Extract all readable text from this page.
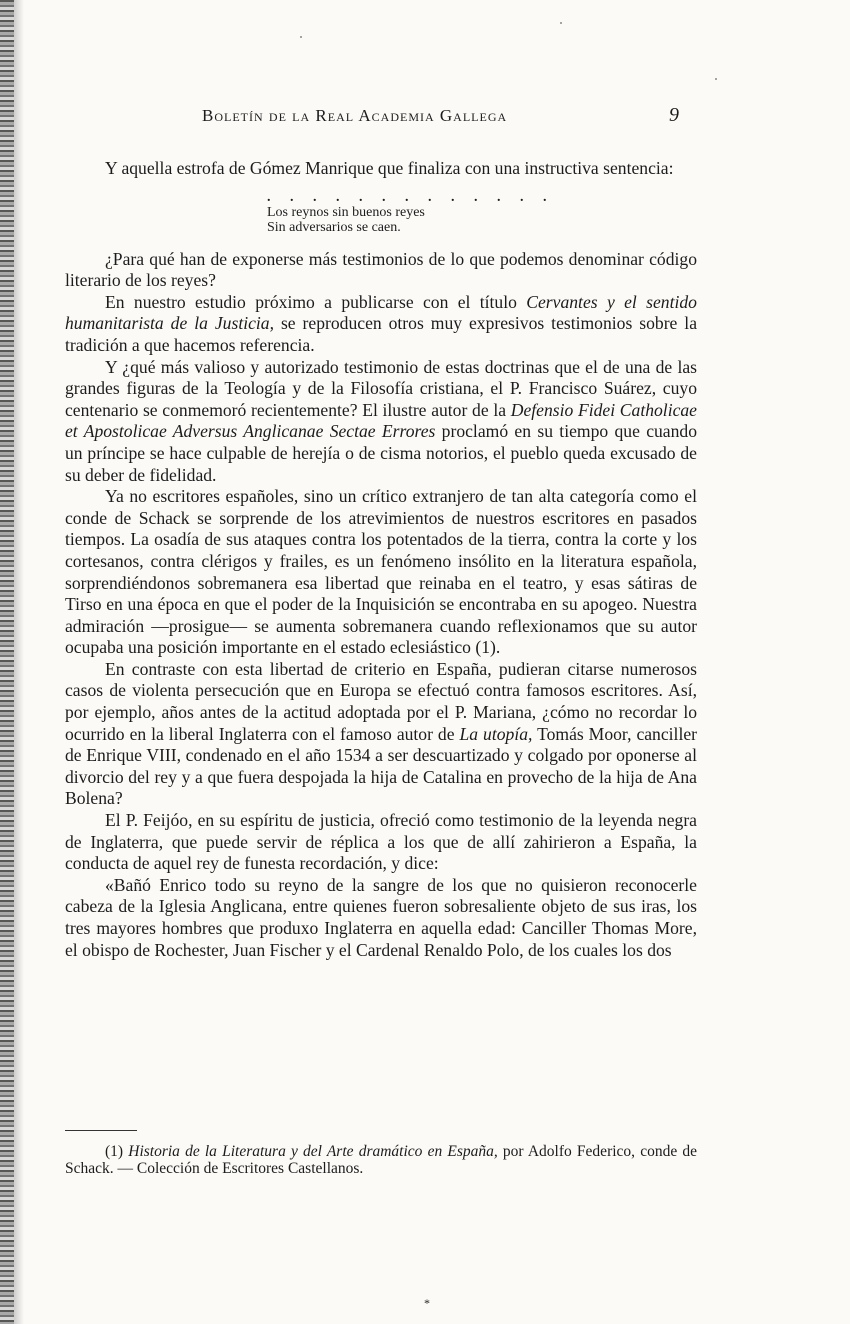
Boletín de la Real Academia Gallega	9

Y aquella estrofa de Gómez Manrique que finaliza con una instructiva sentencia:

. . . . . . . . . . . . .
Los reynos sin buenos reyes
Sin adversarios se caen.

¿Para qué han de exponerse más testimonios de lo que podemos denominar código literario de los reyes?

En nuestro estudio próximo a publicarse con el título Cervantes y el sentido humanitarista de la Justicia, se reproducen otros muy expresivos testimonios sobre la tradición a que hacemos referencia.

Y ¿qué más valioso y autorizado testimonio de estas doctrinas que el de una de las grandes figuras de la Teología y de la Filosofía cristiana, el P. Francisco Suárez, cuyo centenario se conmemoró recientemente? El ilustre autor de la Defensio Fidei Catholicae et Apostolicae Adversus Anglicanae Sectae Errores proclamó en su tiempo que cuando un príncipe se hace culpable de herejía o de cisma notorios, el pueblo queda excusado de su deber de fidelidad.

Ya no escritores españoles, sino un crítico extranjero de tan alta categoría como el conde de Schack se sorprende de los atrevimientos de nuestros escritores en pasados tiempos. La osadía de sus ataques contra los potentados de la tierra, contra la corte y los cortesanos, contra clérigos y frailes, es un fenómeno insólito en la literatura española, sorprendiéndonos sobremanera esa libertad que reinaba en el teatro, y esas sátiras de Tirso en una época en que el poder de la Inquisición se encontraba en su apogeo. Nuestra admiración —prosigue— se aumenta sobremanera cuando reflexionamos que su autor ocupaba una posición importante en el estado eclesiástico (1).

En contraste con esta libertad de criterio en España, pudieran citarse numerosos casos de violenta persecución que en Europa se efectuó contra famosos escritores. Así, por ejemplo, años antes de la actitud adoptada por el P. Mariana, ¿cómo no recordar lo ocurrido en la liberal Inglaterra con el famoso autor de La utopía, Tomás Moor, canciller de Enrique VIII, condenado en el año 1534 a ser descuartizado y colgado por oponerse al divorcio del rey y a que fuera despojada la hija de Catalina en provecho de la hija de Ana Bolena?

El P. Feijóo, en su espíritu de justicia, ofreció como testimonio de la leyenda negra de Inglaterra, que puede servir de réplica a los que de allí zahirieron a España, la conducta de aquel rey de funesta recordación, y dice:

«Bañó Enrico todo su reyno de la sangre de los que no quisieron reconocerle cabeza de la Iglesia Anglicana, entre quienes fueron sobresaliente objeto de sus iras, los tres mayores hombres que produxo Inglaterra en aquella edad: Canciller Thomas More, el obispo de Rochester, Juan Fischer y el Cardenal Renaldo Polo, de los cuales los dos

(1) Historia de la Literatura y del Arte dramático en España, por Adolfo Federico, conde de Schack. — Colección de Escritores Castellanos.

*
